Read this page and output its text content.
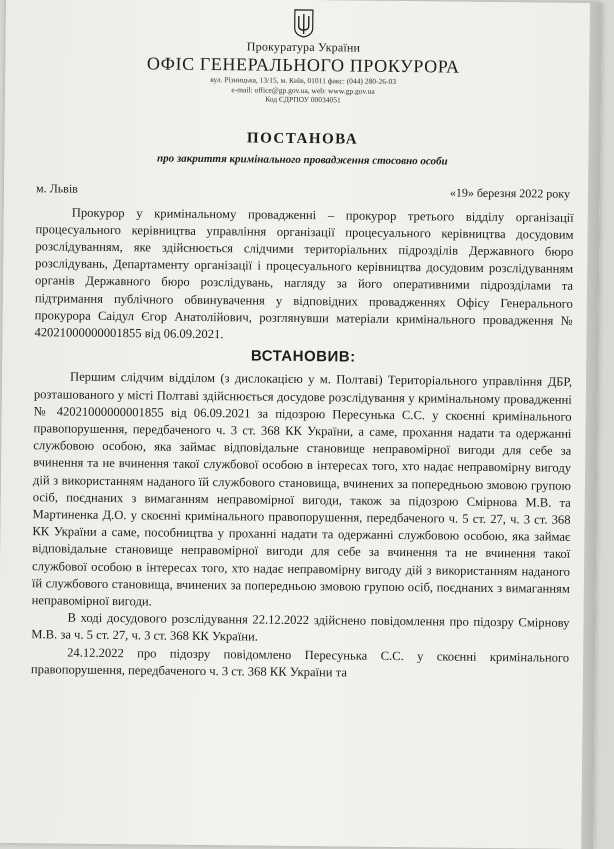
Прокуратура України
ОФІС ГЕНЕРАЛЬНОГО ПРОКУРОРА
вул. Різницька, 13/15, м. Київ, 01011 факс: (044) 280-26-03
e-mail: office@gp.gov.ua, web: www.gp.gov.ua
Код ЄДРПОУ 00034051
ПОСТАНОВА
про закриття кримінального провадження стосовно особи
м. Львів	«19» березня 2022 року

Прокурор у кримінальному провадженні – прокурор третього відділу організації процесуального керівництва управління організації процесуального керівництва досудовим розслідуванням, яке здійснюється слідчими територіальних підрозділів Державного бюро розслідувань, Департаменту організації і процесуального керівництва досудовим розслідуванням органів Державного бюро розслідувань, нагляду за його оперативними підрозділами та підтримання публічного обвинувачення у відповідних провадженнях Офісу Генерального прокурора Саідул Єгор Анатолійович, розглянувши матеріали кримінального провадження № 42021000000001855 від 06.09.2021.

ВСТАНОВИВ:

Першим слідчим відділом (з дислокацією у м. Полтаві) Територіального управління ДБР, розташованого у місті Полтаві здійснюється досудове розслідування у кримінальному провадженні № 42021000000001855 від 06.09.2021 за підозрою Пересунька С.С. у скоєнні кримінального правопорушення, передбаченого ч. 3 ст. 368 КК України, а саме, прохання надати та одержанні службовою особою, яка займає відповідальне становище неправомірної вигоди для себе за вчинення та не вчинення такої службової особою в інтересах того, хто надає неправомірну вигоду дій з використанням наданого їй службового становища, вчинених за попередньою змовою групою осіб, поєднаних з вимаганням неправомірної вигоди, також за підозрою Смірнова М.В. та Мартиненка Д.О. у скоєнні кримінального правопорушення, передбаченого ч. 5 ст. 27, ч. 3 ст. 368 КК України а саме, пособництва у проханні надати та одержанні службовою особою, яка займає відповідальне становище неправомірної вигоди для себе за вчинення та не вчинення такої службової особою в інтересах того, хто надає неправомірну вигоду дій з використанням наданого їй службового становища, вчинених за попередньою змовою групою осіб, поєднаних з вимаганням неправомірної вигоди.

В ході досудового розслідування 22.12.2022 здійснено повідомлення про підозру Смірнову М.В. за ч. 5 ст. 27, ч. 3 ст. 368 КК України.

24.12.2022 про підозру повідомлено Пересунька С.С. у скоєнні кримінального правопорушення, передбаченого ч. 3 ст. 368 КК України та
